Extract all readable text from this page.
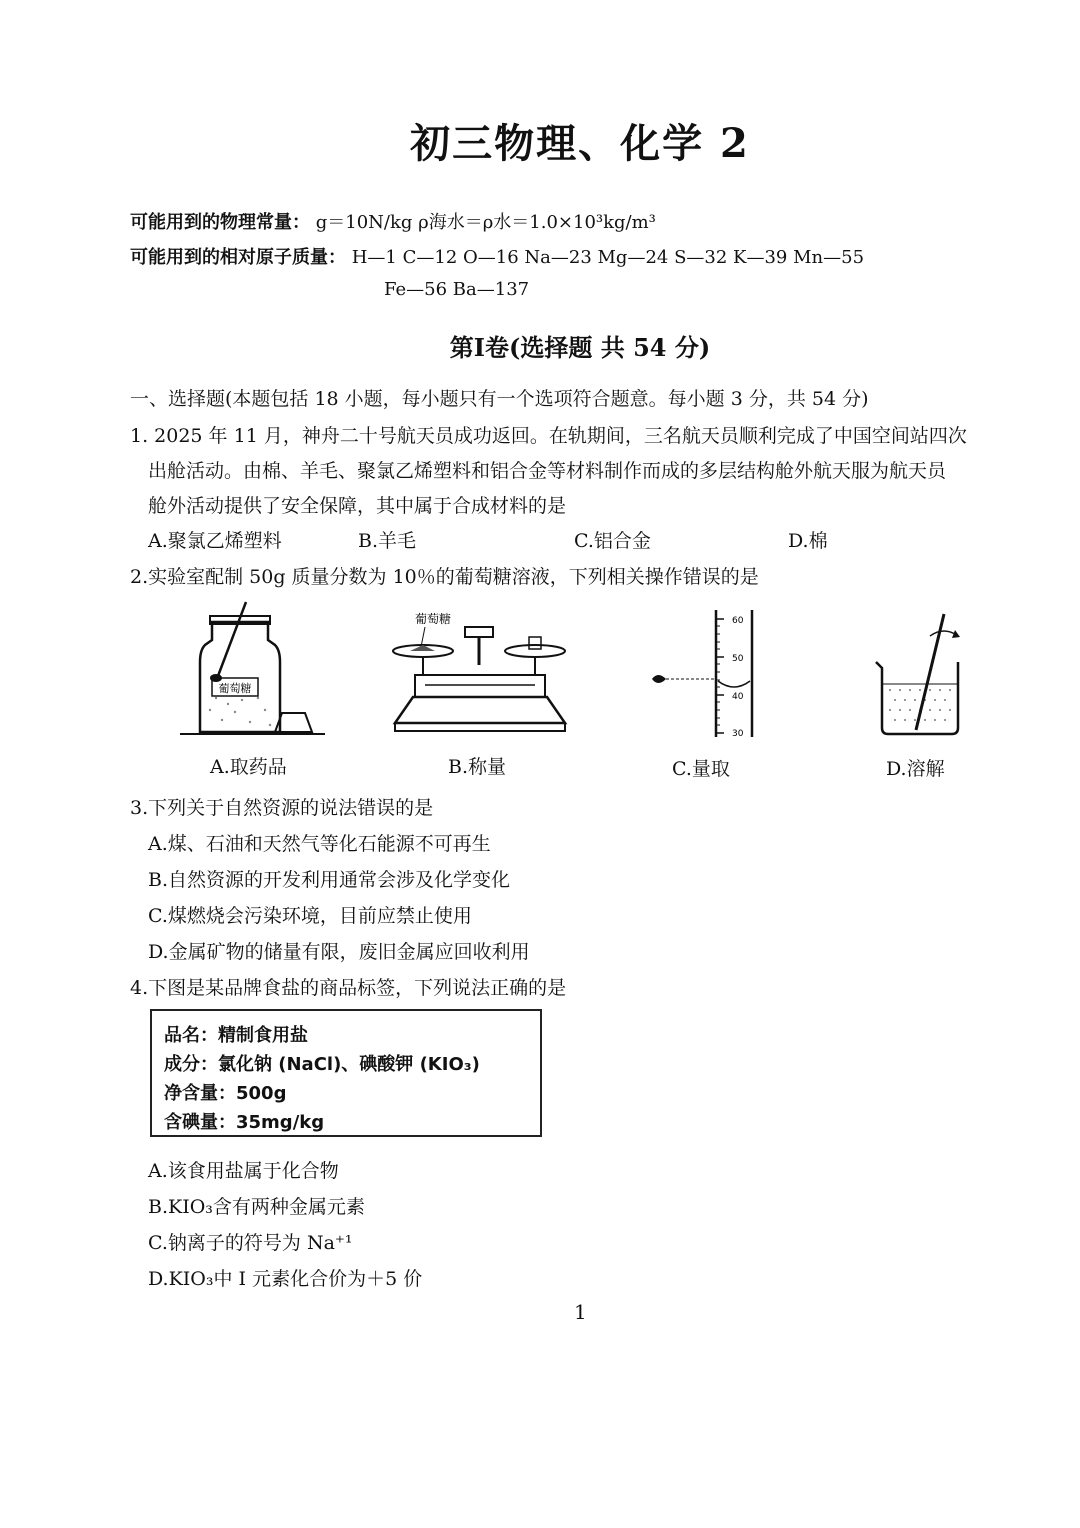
初三物理、化学 2
可能用到的物理常量： g＝10N/kg ρ海水＝ρ水＝1.0×10³kg/m³
可能用到的相对原子质量： H—1 C—12 O—16 Na—23 Mg—24 S—32 K—39 Mn—55
Fe—56 Ba—137
第Ⅰ卷(选择题 共 54 分)
一、选择题(本题包括 18 小题，每小题只有一个选项符合题意。每小题 3 分，共 54 分)
1. 2025 年 11 月，神舟二十号航天员成功返回。在轨期间，三名航天员顺利完成了中国空间站四次
出舱活动。由棉、羊毛、聚氯乙烯塑料和铝合金等材料制作而成的多层结构舱外航天服为航天员
舱外活动提供了安全保障，其中属于合成材料的是
A.聚氯乙烯塑料	B.羊毛	C.铝合金	D.棉
2.实验室配制 50g 质量分数为 10％的葡萄糖溶液，下列相关操作错误的是
葡萄糖
葡萄糖	60
50
40
30
A.取药品	B.称量	C.量取	D.溶解
3.下列关于自然资源的说法错误的是
A.煤、石油和天然气等化石能源不可再生
B.自然资源的开发利用通常会涉及化学变化
C.煤燃烧会污染环境，目前应禁止使用
D.金属矿物的储量有限，废旧金属应回收利用
4.下图是某品牌食盐的商品标签，下列说法正确的是
品名：精制食用盐
成分：氯化钠 (NaCl)、碘酸钾 (KIO₃)
净含量：500g
含碘量：35mg/kg
A.该食用盐属于化合物
B.KIO₃含有两种金属元素
C.钠离子的符号为 Na⁺¹
D.KIO₃中 I 元素化合价为＋5 价
1
